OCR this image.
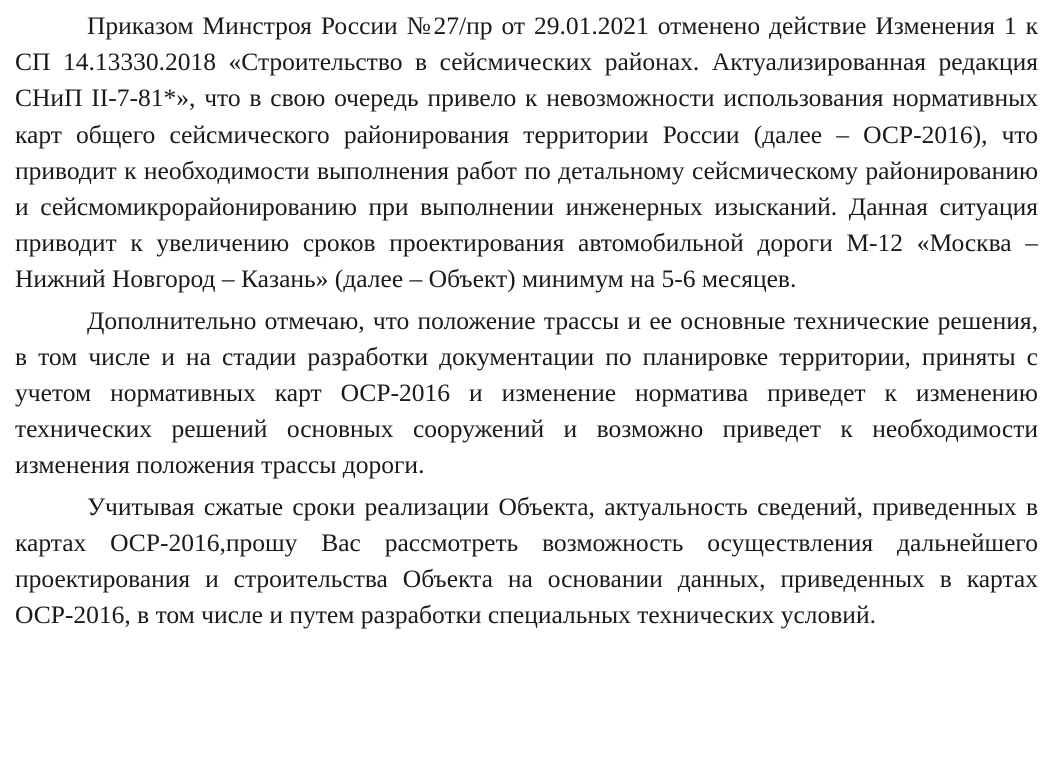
Приказом Минстроя России №27/пр от 29.01.2021 отменено действие Изменения 1 к СП 14.13330.2018 «Строительство в сейсмических районах. Актуализированная редакция СНиП II-7-81*», что в свою очередь привело к невозможности использования нормативных карт общего сейсмического районирования территории России (далее – ОСР-2016), что приводит к необходимости выполнения работ по детальному сейсмическому районированию и сейсмомикрорайонированию при выполнении инженерных изысканий. Данная ситуация приводит к увеличению сроков проектирования автомобильной дороги М-12 «Москва – Нижний Новгород – Казань» (далее – Объект) минимум на 5-6 месяцев.

Дополнительно отмечаю, что положение трассы и ее основные технические решения, в том числе и на стадии разработки документации по планировке территории, приняты с учетом нормативных карт ОСР-2016 и изменение норматива приведет к изменению технических решений основных сооружений и возможно приведет к необходимости изменения положения трассы дороги.

Учитывая сжатые сроки реализации Объекта, актуальность сведений, приведенных в картах ОСР-2016,прошу Вас рассмотреть возможность осуществления дальнейшего проектирования и строительства Объекта на основании данных, приведенных в картах ОСР-2016, в том числе и путем разработки специальных технических условий.
